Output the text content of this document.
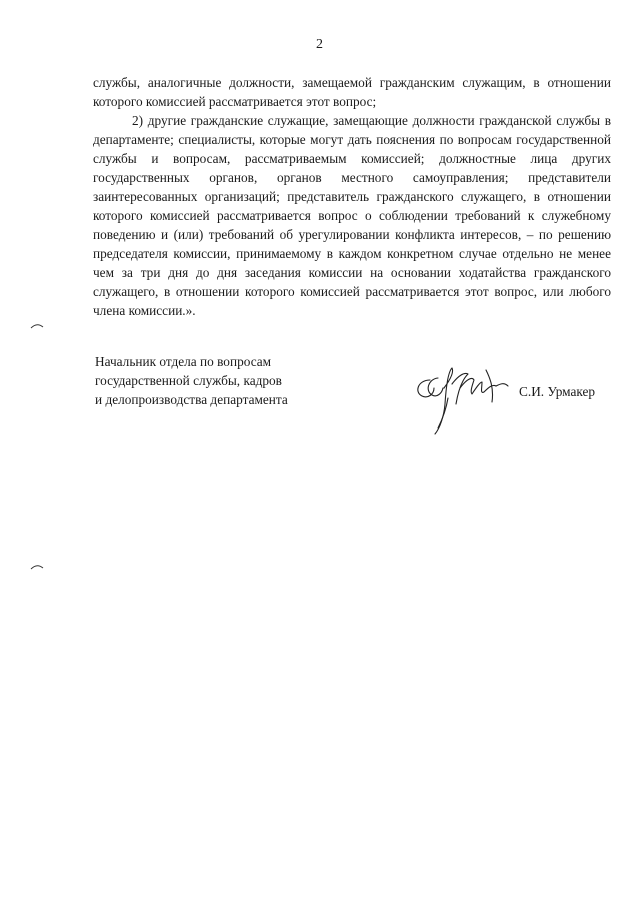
2

службы, аналогичные должности, замещаемой гражданским служащим, в отношении которого комиссией рассматривается этот вопрос;

2) другие гражданские служащие, замещающие должности гражданской службы в департаменте; специалисты, которые могут дать пояснения по вопросам государственной службы и вопросам, рассматриваемым комиссией; должностные лица других государственных органов, органов местного самоуправления; представители заинтересованных организаций; представитель гражданского служащего, в отношении которого комиссией рассматривается вопрос о соблюдении требований к служебному поведению и (или) требований об урегулировании конфликта интересов, – по решению председателя комиссии, принимаемому в каждом конкретном случае отдельно не менее чем за три дня до дня заседания комиссии на основании ходатайства гражданского служащего, в отношении которого комиссией рассматривается этот вопрос, или любого члена комиссии.».

Начальник отдела по вопросам
государственной службы, кадров
и делопроизводства департамента
С.И. Урмакер
